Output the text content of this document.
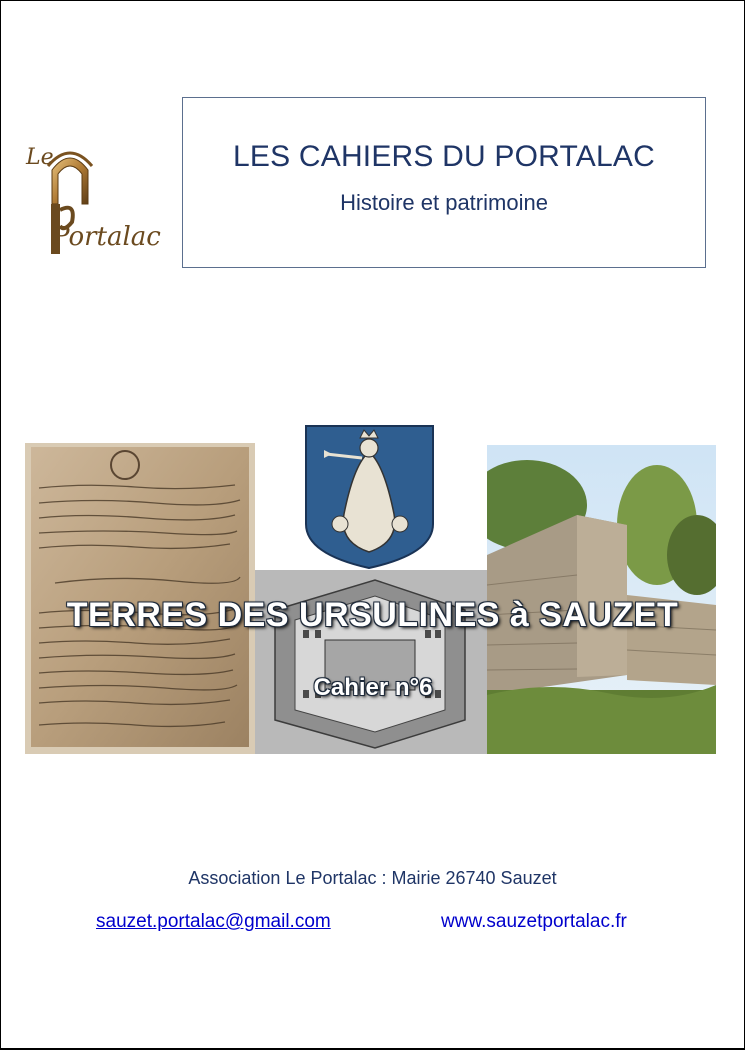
Le
Portalac
LES CAHIERS DU PORTALAC
Histoire et patrimoine
TERRES DES URSULINES à SAUZET
Cahier n°6
Association Le Portalac : Mairie 26740 Sauzet
sauzet.portalac@gmail.com	www.sauzetportalac.fr
